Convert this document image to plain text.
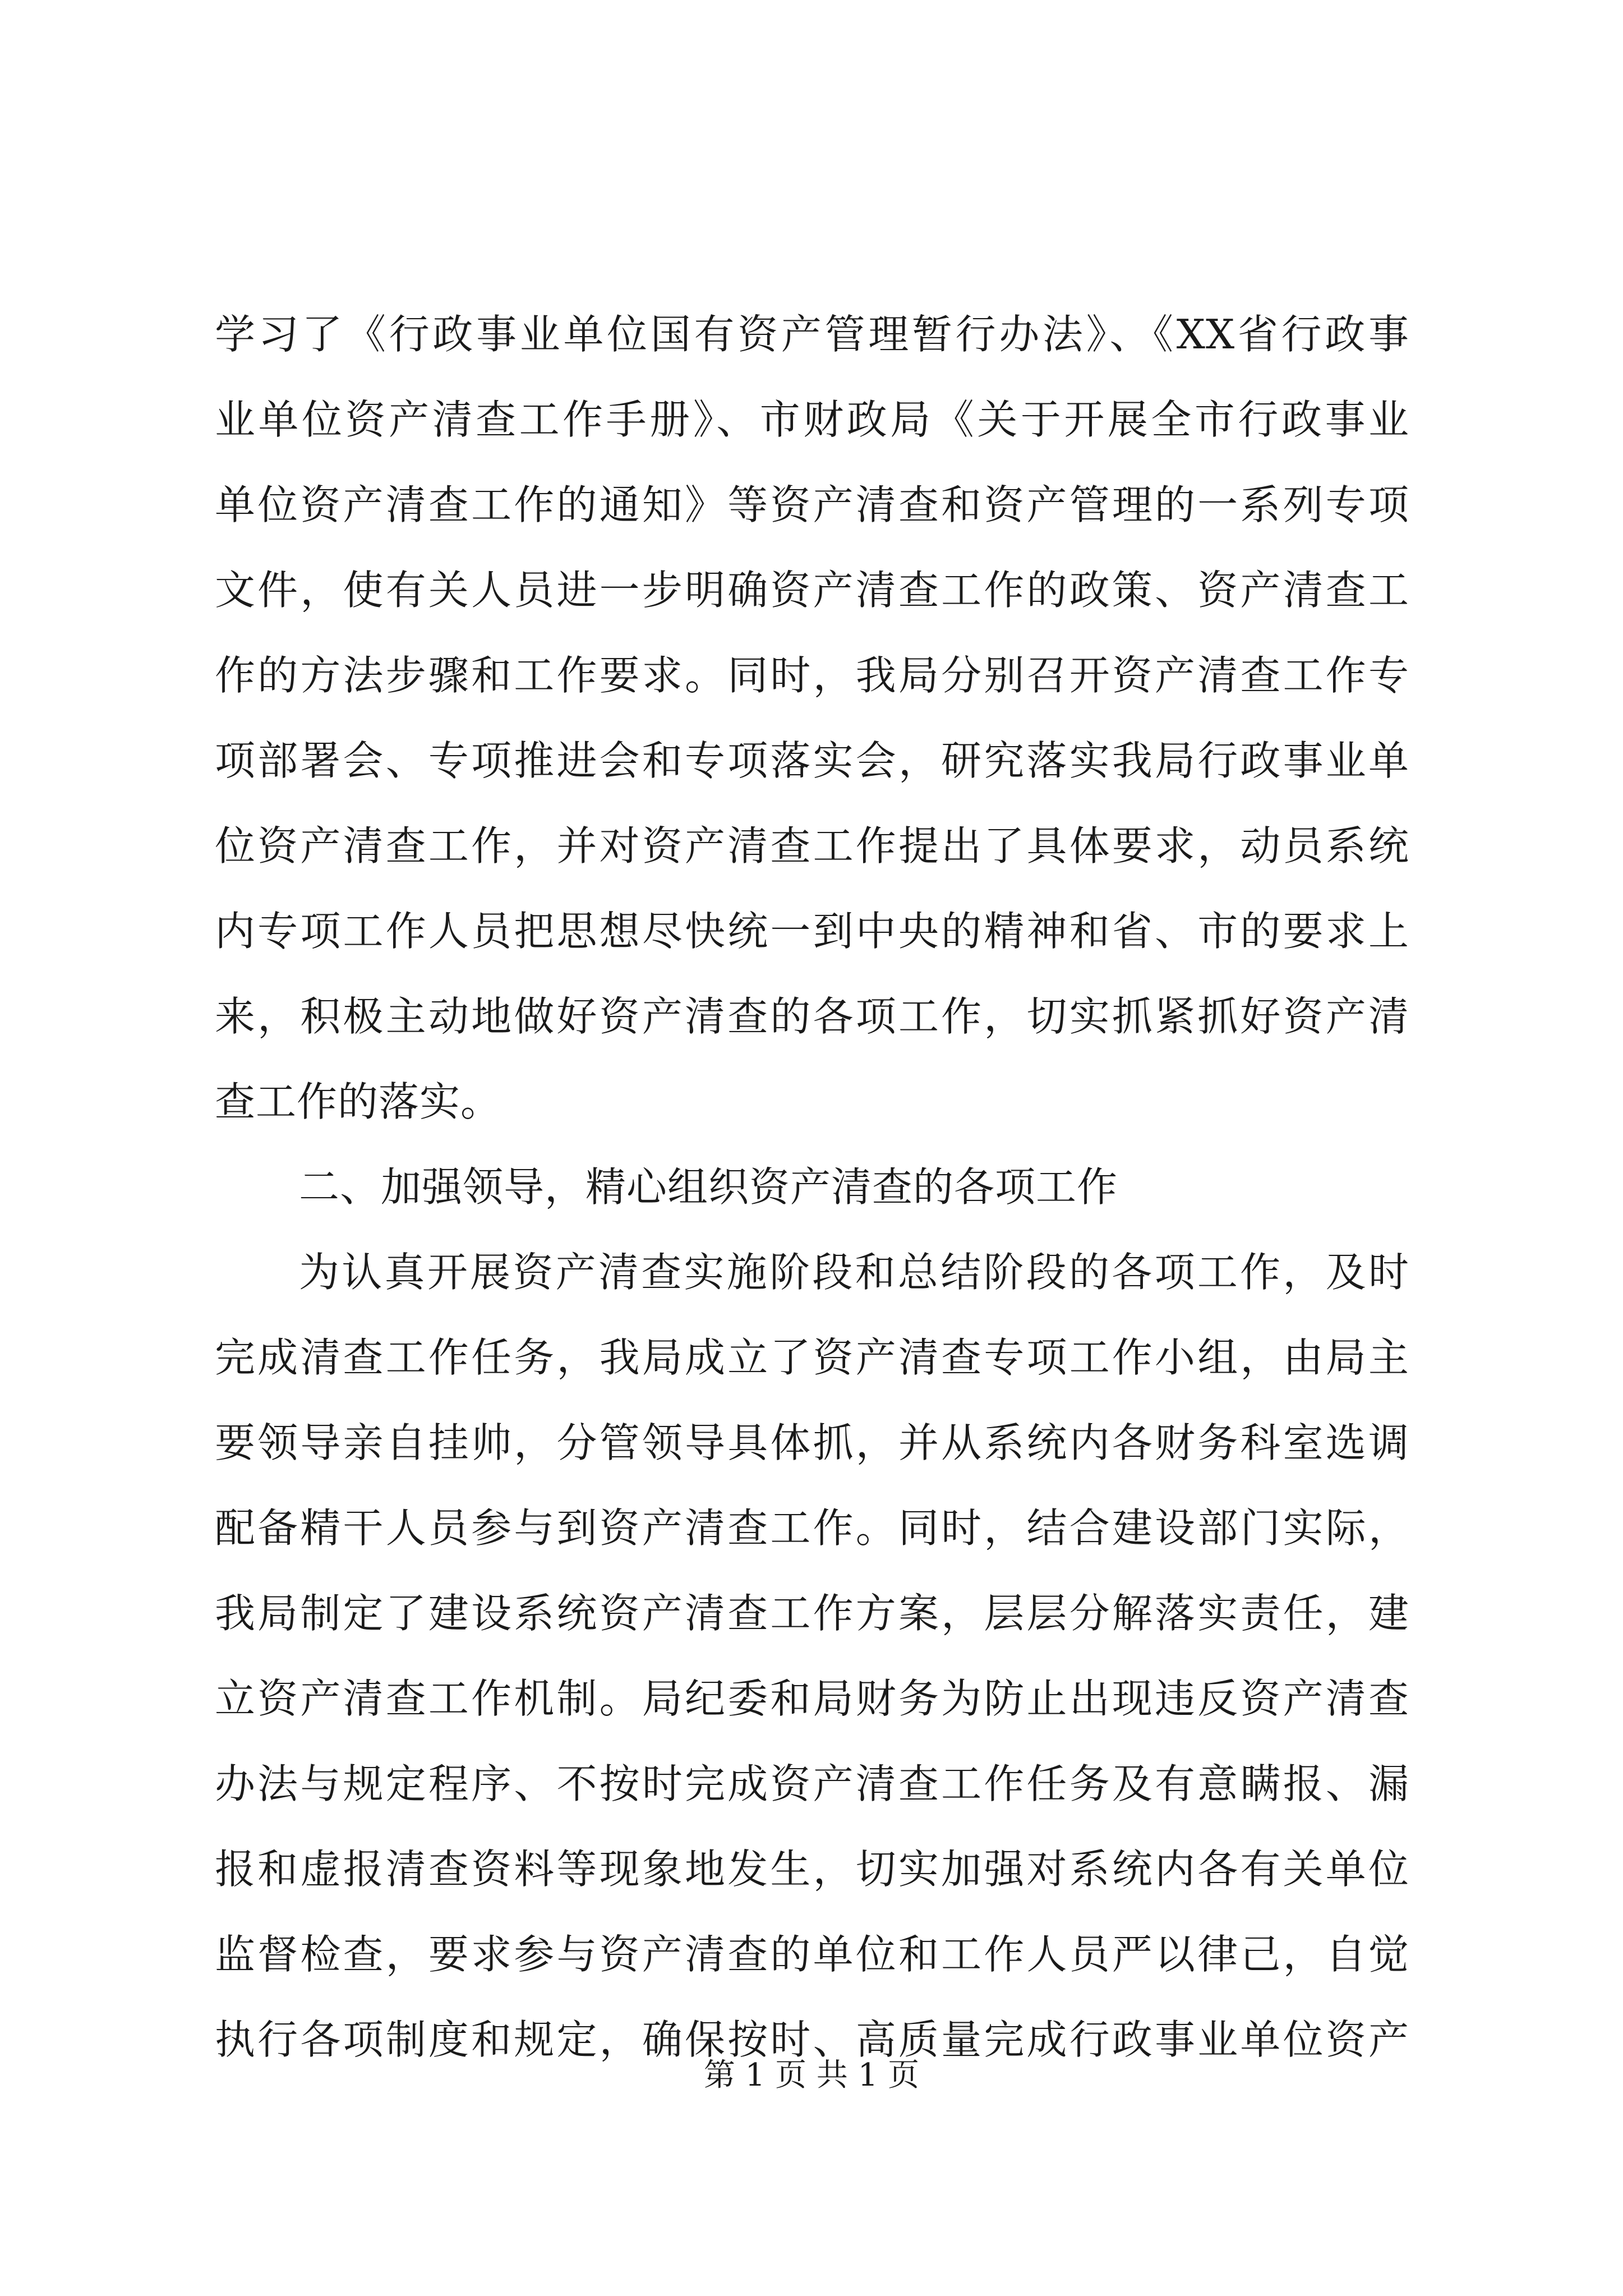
学习了《行政事业单位国有资产管理暂行办法》、《XX省行政事
业单位资产清查工作手册》、市财政局《关于开展全市行政事业
单位资产清查工作的通知》等资产清查和资产管理的一系列专项
文件，使有关人员进一步明确资产清查工作的政策、资产清查工
作的方法步骤和工作要求。同时，我局分别召开资产清查工作专
项部署会、专项推进会和专项落实会，研究落实我局行政事业单
位资产清查工作，并对资产清查工作提出了具体要求，动员系统
内专项工作人员把思想尽快统一到中央的精神和省、市的要求上
来，积极主动地做好资产清查的各项工作，切实抓紧抓好资产清
查工作的落实。
二、加强领导，精心组织资产清查的各项工作
为认真开展资产清查实施阶段和总结阶段的各项工作，及时
完成清查工作任务，我局成立了资产清查专项工作小组，由局主
要领导亲自挂帅，分管领导具体抓，并从系统内各财务科室选调
配备精干人员参与到资产清查工作。同时，结合建设部门实际，
我局制定了建设系统资产清查工作方案，层层分解落实责任，建
立资产清查工作机制。局纪委和局财务为防止出现违反资产清查
办法与规定程序、不按时完成资产清查工作任务及有意瞒报、漏
报和虚报清查资料等现象地发生，切实加强对系统内各有关单位
监督检查，要求参与资产清查的单位和工作人员严以律己，自觉
执行各项制度和规定，确保按时、高质量完成行政事业单位资产
第 1 页 共 1 页
